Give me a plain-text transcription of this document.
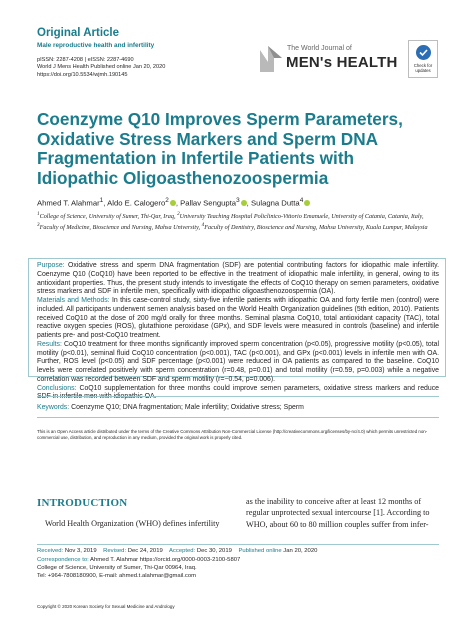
Original Article
Male reproductive health and infertility
pISSN: 2287-4208 | eISSN: 2287-4690
World J Mens Health Published online Jan 20, 2020
https://doi.org/10.5534/wjmh.190145
The World Journal of
MEN's HEALTH	Check for
updates
Coenzyme Q10 Improves Sperm Parameters, Oxidative Stress Markers and Sperm DNA Fragmentation in Infertile Patients with Idiopathic Oligoasthenozoospermia
Ahmed T. Alahmar$^1$, Aldo E. Calogero$^2$ , Pallav Sengupta$^3$ , Sulagna Dutta$^4$
$^1$College of Science, University of Sumer, Thi-Qar, Iraq, $^2$University Teaching Hospital Policlinico-Vittorio Emanuele, University of Catania, Catania, Italy, $^3$Faculty of Medicine, Bioscience and Nursing, Mahsa University, $^4$Faculty of Dentistry, Bioscience and Nursing, Mahsa University, Kuala Lumpur, Malaysia
Purpose: Oxidative stress and sperm DNA fragmentation (SDF) are potential contributing factors for idiopathic male infertility. Coenzyme Q10 (CoQ10) have been reported to be effective in the treatment of idiopathic male infertility, in general, owing to its antioxidant properties. Thus, the present study intends to investigate the effects of CoQ10 therapy on semen parameters, oxidative stress markers and SDF in infertile men, specifically with idiopathic oligoasthenozoospermia (OA).
Materials and Methods: In this case-control study, sixty-five infertile patients with idiopathic OA and forty fertile men (control) were included. All participants underwent semen analysis based on the World Health Organization guidelines (5th edition, 2010). Patients received CoQ10 at the dose of 200 mg/d orally for three months. Seminal plasma CoQ10, total antioxidant capacity (TAC), total reactive oxygen species (ROS), glutathione peroxidase (GPx), and SDF levels were measured in controls (baseline) and infertile patients pre- and post-CoQ10 treatment.
Results: CoQ10 treatment for three months significantly improved sperm concentration (p<0.05), progressive motility (p<0.05), total motility (p<0.01), seminal fluid CoQ10 concentration (p<0.001), TAC (p<0.001), and GPx (p<0.001) levels in infertile men with OA. Further, ROS level (p<0.05) and SDF percentage (p<0.001) were reduced in OA patients as compared to the baseline. CoQ10 levels were correlated positively with sperm concentration (r=0.48, p=0.01) and total motility (r=0.59, p=0.003) while a negative correlation was recorded between SDF and sperm motility (r=−0.54, p=0.006).
Conclusions: CoQ10 supplementation for three months could improve semen parameters, oxidative stress markers and reduce SDF in infertile men with idiopathic OA.
Keywords: Coenzyme Q10; DNA fragmentation; Male infertility; Oxidative stress; Sperm
This is an Open Access article distributed under the terms of the Creative Commons Attribution Non-Commercial License (http://creativecommons.org/licenses/by-nc/4.0) which permits unrestricted non-commercial use, distribution, and reproduction in any medium, provided the original work is properly cited.
INTRODUCTION
World Health Organization (WHO) defines infertility
as the inability to conceive after at least 12 months of regular unprotected sexual intercourse [1]. According to WHO, about 60 to 80 million couples suffer from infer-
Received: Nov 3, 2019 Revised: Dec 24, 2019 Accepted: Dec 30, 2019 Published online Jan 20, 2020
Correspondence to: Ahmed T. Alahmar https://orcid.org/0000-0003-2100-5807
College of Science, University of Sumer, Thi-Qar 00964, Iraq.
Tel: +964-7808180900, E-mail: ahmed.t.alahmar@gmail.com
Copyright © 2020 Korean Society for Sexual Medicine and Andrology
